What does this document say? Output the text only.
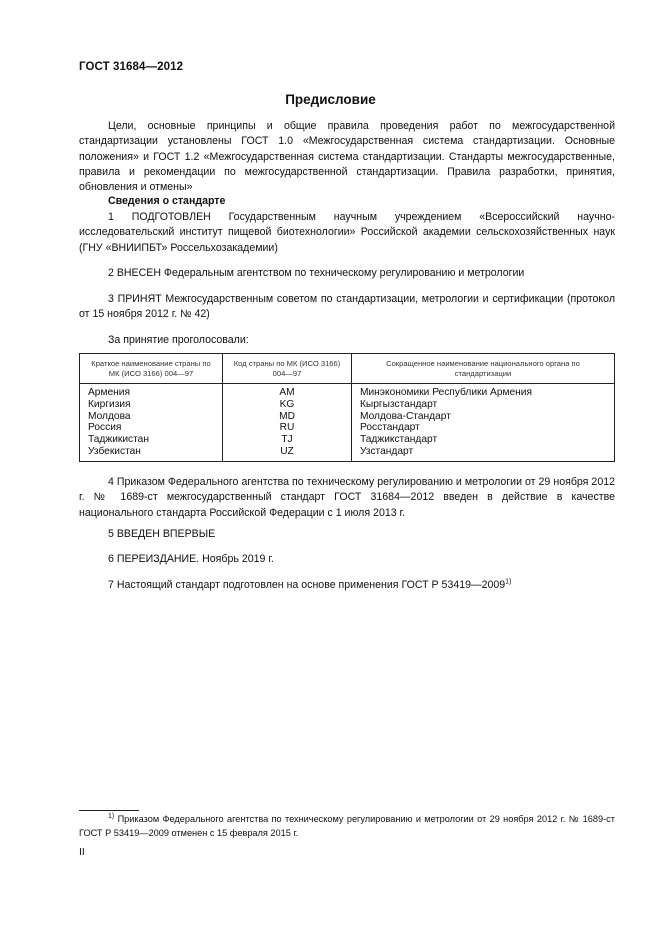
ГОСТ 31684—2012
Предисловие
Цели, основные принципы и общие правила проведения работ по межгосударственной стандартизации установлены ГОСТ 1.0 «Межгосударственная система стандартизации. Основные положения» и ГОСТ 1.2 «Межгосударственная система стандартизации. Стандарты межгосударственные, правила и рекомендации по межгосударственной стандартизации. Правила разработки, принятия, обновления и отмены»
Сведения о стандарте
1 ПОДГОТОВЛЕН Государственным научным учреждением «Всероссийский научно-исследовательский институт пищевой биотехнологии» Российской академии сельскохозяйственных наук (ГНУ «ВНИИПБТ» Россельхозакадемии)
2 ВНЕСЕН Федеральным агентством по техническому регулированию и метрологии
3 ПРИНЯТ Межгосударственным советом по стандартизации, метрологии и сертификации (протокол от 15 ноября 2012 г. № 42)
За принятие проголосовали:
Краткое наименование страны по МК (ИСО 3166) 004—97	Код страны по МК (ИСО 3166) 004—97	Сокращенное наименование национального органа по стандартизации
Армения	AM	Минэкономики Республики Армения
Киргизия	KG	Кыргызстандарт
Молдова	MD	Молдова-Стандарт
Россия	RU	Росстандарт
Таджикистан	TJ	Таджикстандарт
Узбекистан	UZ	Узстандарт
4 Приказом Федерального агентства по техническому регулированию и метрологии от 29 ноября 2012 г. № 1689-ст межгосударственный стандарт ГОСТ 31684—2012 введен в действие в качестве национального стандарта Российской Федерации с 1 июля 2013 г.
5 ВВЕДЕН ВПЕРВЫЕ
6 ПЕРЕИЗДАНИЕ. Ноябрь 2019 г.
7 Настоящий стандарт подготовлен на основе применения ГОСТ Р 53419—2009$^{1)}$
$^{1)}$ Приказом Федерального агентства по техническому регулированию и метрологии от 29 ноября 2012 г. № 1689-ст ГОСТ Р 53419—2009 отменен с 15 февраля 2015 г.
II
